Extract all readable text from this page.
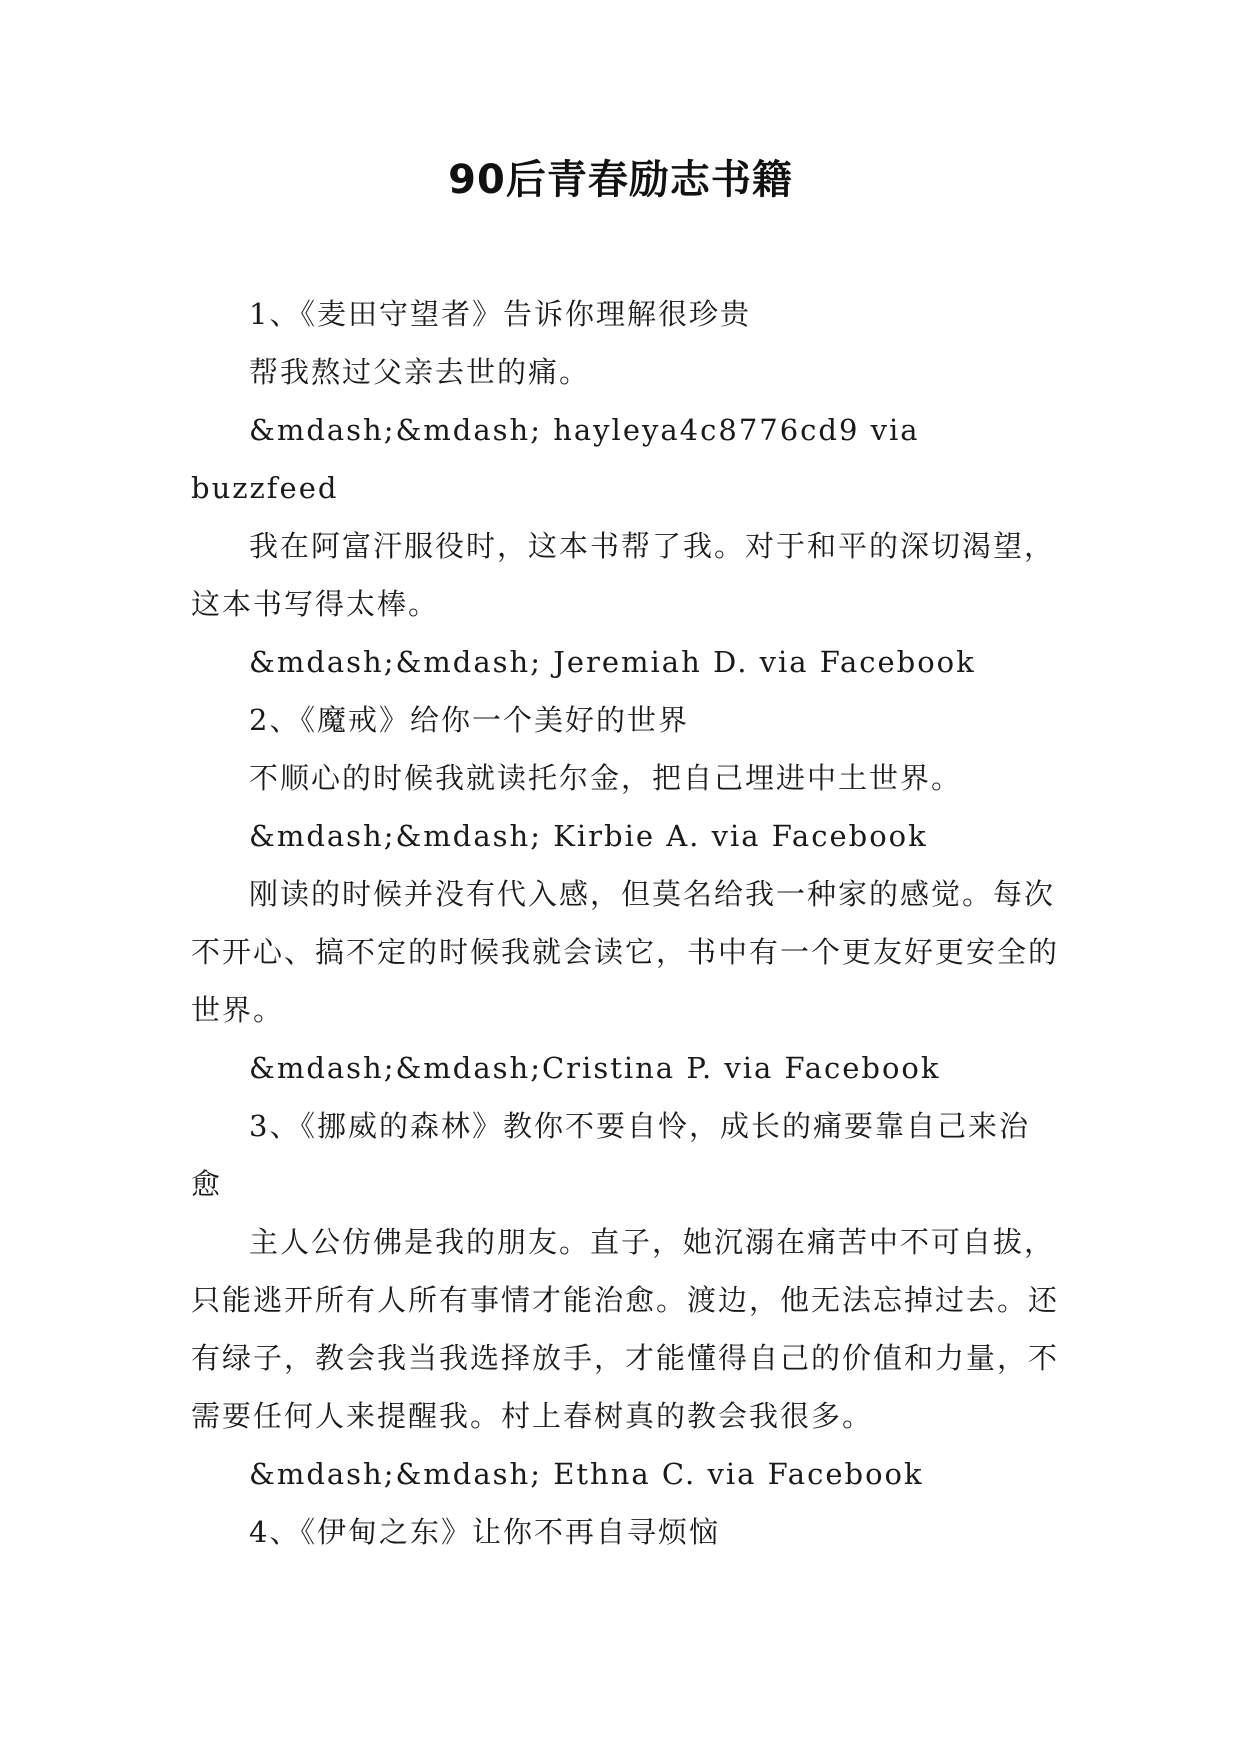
90后青春励志书籍

1、《麦田守望者》告诉你理解很珍贵

帮我熬过父亲去世的痛。

&mdash;&mdash; hayleya4c8776cd9 via buzzfeed

我在阿富汗服役时，这本书帮了我。对于和平的深切渴望，这本书写得太棒。

&mdash;&mdash; Jeremiah D. via Facebook

2、《魔戒》给你一个美好的世界

不顺心的时候我就读托尔金，把自己埋进中土世界。

&mdash;&mdash; Kirbie A. via Facebook

刚读的时候并没有代入感，但莫名给我一种家的感觉。每次不开心、搞不定的时候我就会读它，书中有一个更友好更安全的世界。

&mdash;&mdash;Cristina P. via Facebook

3、《挪威的森林》教你不要自怜，成长的痛要靠自己来治愈

主人公仿佛是我的朋友。直子，她沉溺在痛苦中不可自拔，只能逃开所有人所有事情才能治愈。渡边，他无法忘掉过去。还有绿子，教会我当我选择放手，才能懂得自己的价值和力量，不需要任何人来提醒我。村上春树真的教会我很多。

&mdash;&mdash; Ethna C. via Facebook

4、《伊甸之东》让你不再自寻烦恼
